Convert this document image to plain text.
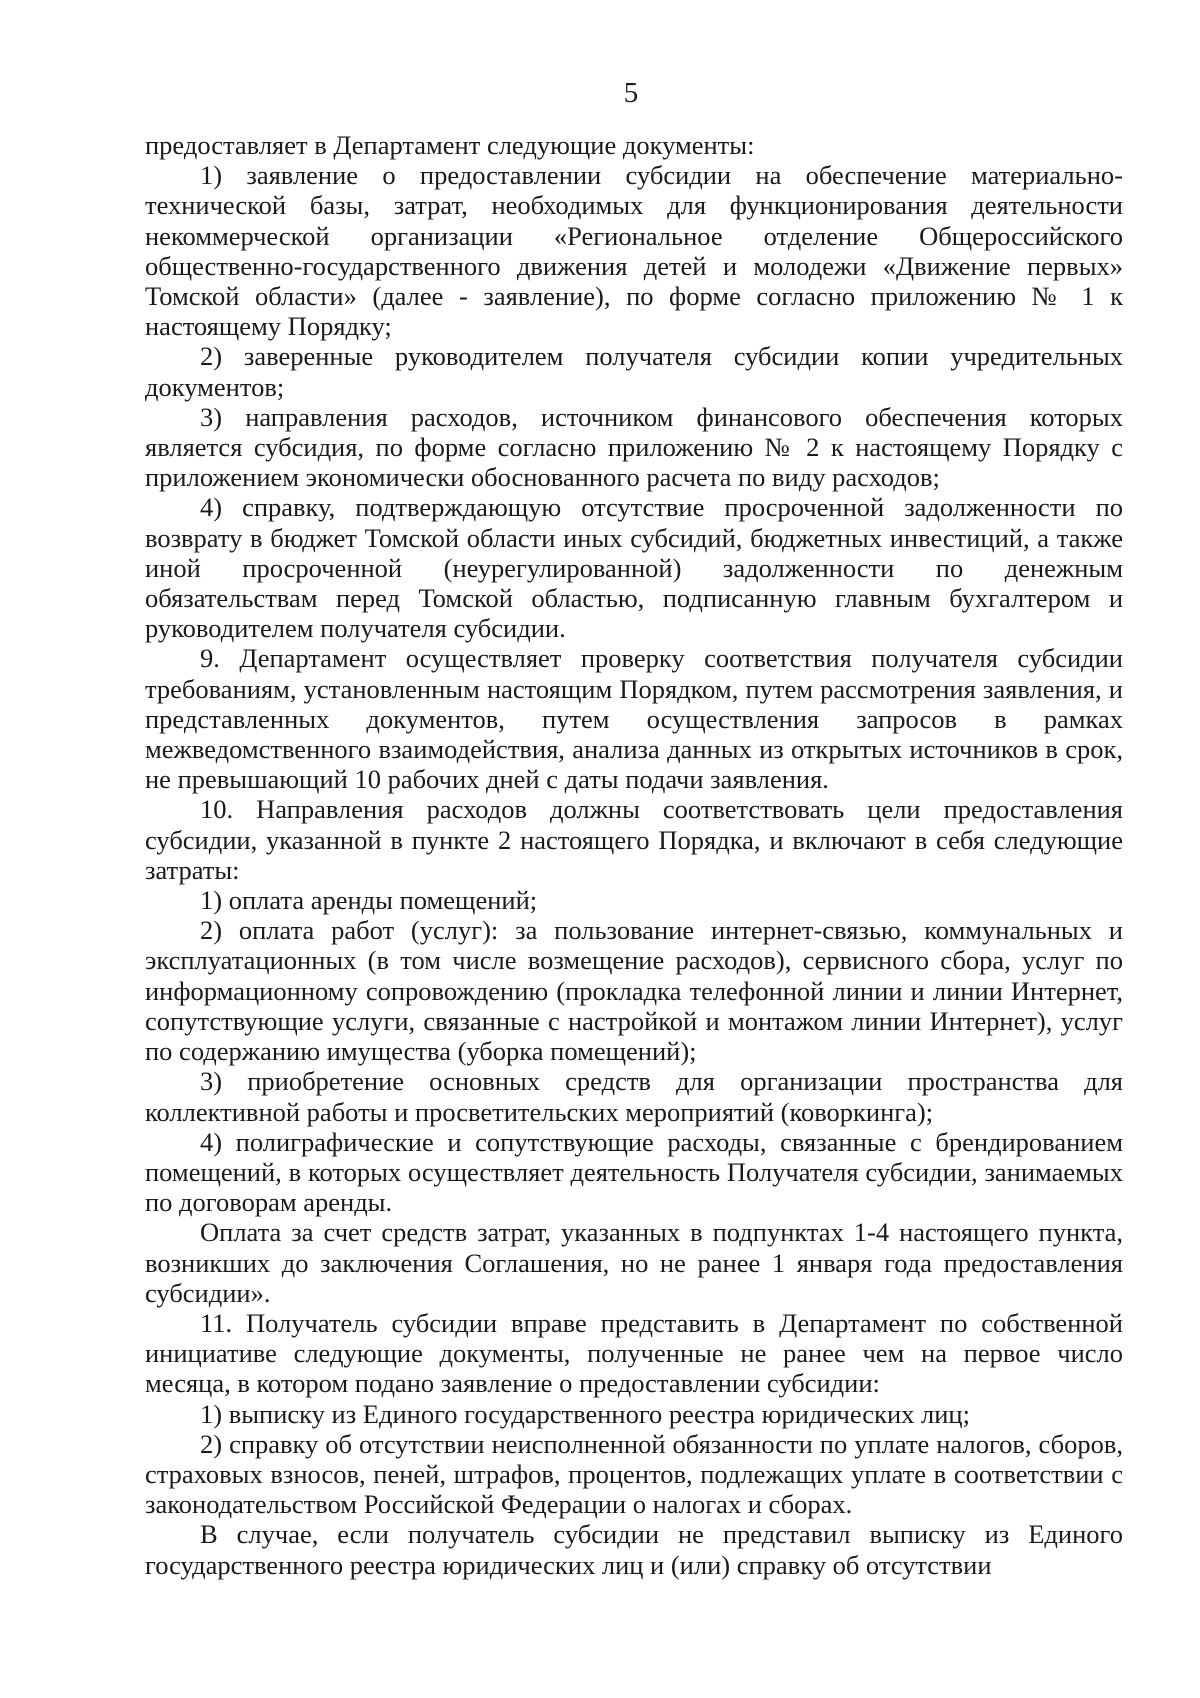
5

предоставляет в Департамент следующие документы:

1) заявление о предоставлении субсидии на обеспечение материально-технической базы, затрат, необходимых для функционирования деятельности некоммерческой организации «Региональное отделение Общероссийского общественно-государственного движения детей и молодежи «Движение первых» Томской области» (далее - заявление), по форме согласно приложению № 1 к настоящему Порядку;

2) заверенные руководителем получателя субсидии копии учредительных документов;

3) направления расходов, источником финансового обеспечения которых является субсидия, по форме согласно приложению № 2 к настоящему Порядку с приложением экономически обоснованного расчета по виду расходов;

4) справку, подтверждающую отсутствие просроченной задолженности по возврату в бюджет Томской области иных субсидий, бюджетных инвестиций, а также иной просроченной (неурегулированной) задолженности по денежным обязательствам перед Томской областью, подписанную главным бухгалтером и руководителем получателя субсидии.

9. Департамент осуществляет проверку соответствия получателя субсидии требованиям, установленным настоящим Порядком, путем рассмотрения заявления, и представленных документов, путем осуществления запросов в рамках межведомственного взаимодействия, анализа данных из открытых источников в срок, не превышающий 10 рабочих дней с даты подачи заявления.

10. Направления расходов должны соответствовать цели предоставления субсидии, указанной в пункте 2 настоящего Порядка, и включают в себя следующие затраты:

1) оплата аренды помещений;

2) оплата работ (услуг): за пользование интернет-связью, коммунальных и эксплуатационных (в том числе возмещение расходов), сервисного сбора, услуг по информационному сопровождению (прокладка телефонной линии и линии Интернет, сопутствующие услуги, связанные с настройкой и монтажом линии Интернет), услуг по содержанию имущества (уборка помещений);

3) приобретение основных средств для организации пространства для коллективной работы и просветительских мероприятий (коворкинга);

4) полиграфические и сопутствующие расходы, связанные с брендированием помещений, в которых осуществляет деятельность Получателя субсидии, занимаемых по договорам аренды.

Оплата за счет средств затрат, указанных в подпунктах 1-4 настоящего пункта, возникших до заключения Соглашения, но не ранее 1 января года предоставления субсидии».

11. Получатель субсидии вправе представить в Департамент по собственной инициативе следующие документы, полученные не ранее чем на первое число месяца, в котором подано заявление о предоставлении субсидии:

1) выписку из Единого государственного реестра юридических лиц;

2) справку об отсутствии неисполненной обязанности по уплате налогов, сборов, страховых взносов, пеней, штрафов, процентов, подлежащих уплате в соответствии с законодательством Российской Федерации о налогах и сборах.

В случае, если получатель субсидии не представил выписку из Единого государственного реестра юридических лиц и (или) справку об отсутствии
